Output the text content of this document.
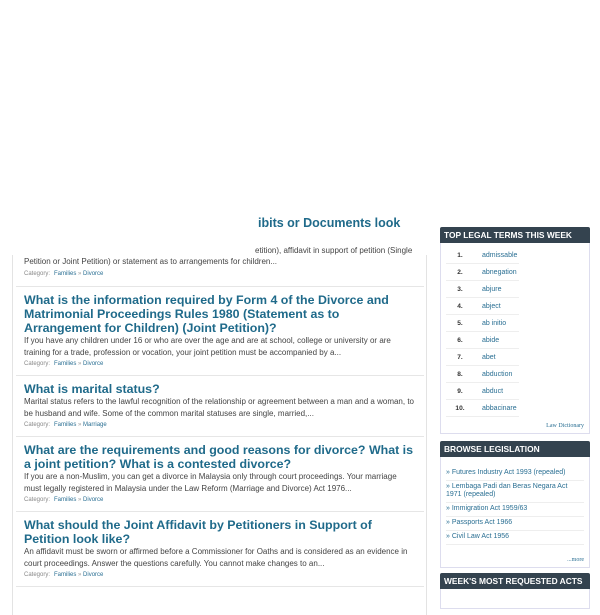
ibits or Documents look
etition), affidavit in support of petition (Single
Petition or Joint Petition) or statement as to arrangements for children...
Category: Families » Divorce
What is the information required by Form 4 of the Divorce and Matrimonial Proceedings Rules 1980 (Statement as to Arrangement for Children) (Joint Petition)?

If you have any children under 16 or who are over the age and are at school, college or university or are training for a trade, profession or vocation, your joint petition must be accompanied by a...

Category: Families » Divorce
What is marital status?

Marital status refers to the lawful recognition of the relationship or agreement between a man and a woman, to be husband and wife. Some of the common marital statuses are single, married,...

Category: Families » Marriage
What are the requirements and good reasons for divorce? What is a joint petition? What is a contested divorce?

If you are a non-Muslim, you can get a divorce in Malaysia only through court proceedings. Your marriage must legally registered in Malaysia under the Law Reform (Marriage and Divorce) Act 1976...

Category: Families » Divorce
What should the Joint Affidavit by Petitioners in Support of Petition look like?

An affidavit must be sworn or affirmed before a Commissioner for Oaths and is considered as an evidence in court proceedings. Answer the questions carefully. You cannot make changes to an...

Category: Families » Divorce
TOP LEGAL TERMS THIS WEEK
1.	admissable
2.	abnegation
3.	abjure
4.	abject
5.	ab initio
6.	abide
7.	abet
8.	abduction
9.	abduct
10.	abbacinare
Law Dictionary
BROWSE LEGISLATION
» Futures Industry Act 1993 (repealed)
» Lembaga Padi dan Beras Negara Act 1971 (repealed)
» Immigration Act 1959/63
» Passports Act 1966
» Civil Law Act 1956
...more
WEEK'S MOST REQUESTED ACTS
